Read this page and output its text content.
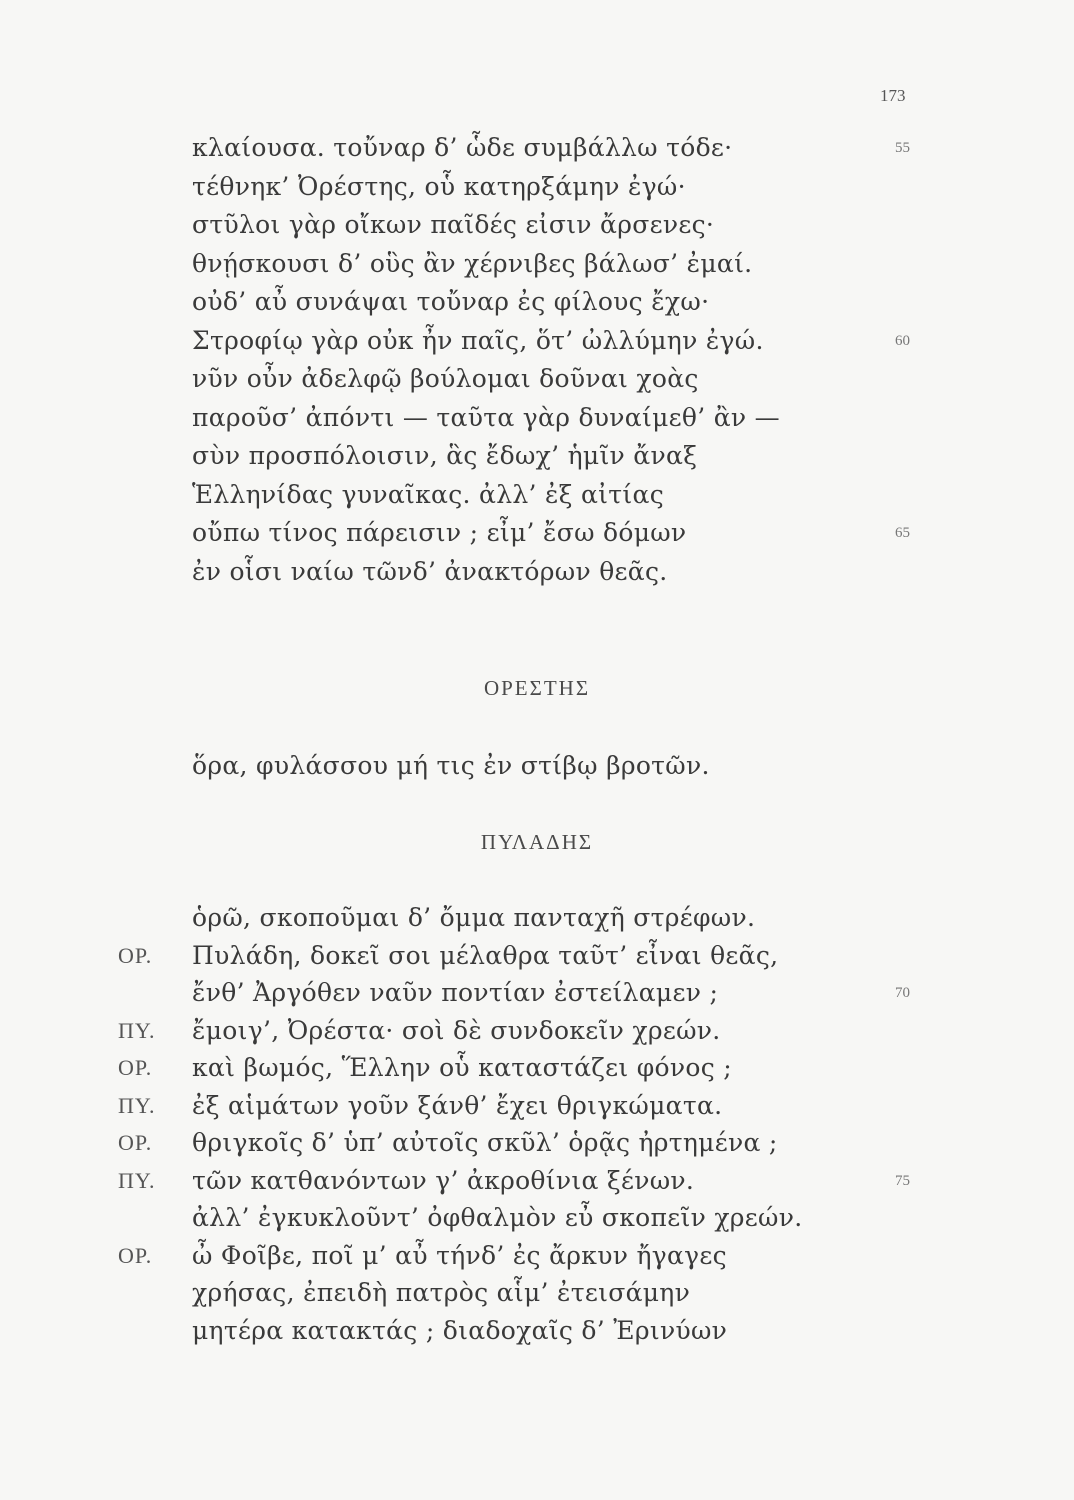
173
κλαίουσα. τοὔναρ δ’ ὧδε συμβάλλω τόδε·	55
τέθνηκ’ Ὀρέστης, οὗ κατηρξάμην ἐγώ·
στῦλοι γὰρ οἴκων παῖδές εἰσιν ἄρσενες·
θνῄσκουσι δ’ οὓς ἂν χέρνιβες βάλωσ’ ἐμαί.
οὐδ’ αὖ συνάψαι τοὔναρ ἐς φίλους ἔχω·
Στροφίῳ γὰρ οὐκ ἦν παῖς, ὅτ’ ὠλλύμην ἐγώ.	60
νῦν οὖν ἀδελφῷ βούλομαι δοῦναι χοὰς
παροῦσ’ ἀπόντι — ταῦτα γὰρ δυναίμεθ’ ἂν —
σὺν προσπόλοισιν, ἃς ἔδωχ’ ἡμῖν ἄναξ
Ἑλληνίδας γυναῖκας. ἀλλ’ ἐξ αἰτίας
οὔπω τίνος πάρεισιν ; εἶμ’ ἔσω δόμων	65
ἐν οἷσι ναίω τῶνδ’ ἀνακτόρων θεᾶς.
ΟΡΕΣΤΗΣ
ὅρα, φυλάσσου μή τις ἐν στίβῳ βροτῶν.
ΠΥΛΑΔΗΣ
ὁρῶ, σκοποῦμαι δ’ ὄμμα πανταχῆ στρέφων.
ΟΡ.	Πυλάδη, δοκεῖ σοι μέλαθρα ταῦτ’ εἶναι θεᾶς,
ἔνθ’ Ἀργόθεν ναῦν ποντίαν ἐστείλαμεν ;	70
ΠΥ.	ἔμοιγ’, Ὀρέστα· σοὶ δὲ συνδοκεῖν χρεών.
ΟΡ.	καὶ βωμός, Ἕλλην οὗ καταστάζει φόνος ;
ΠΥ.	ἐξ αἱμάτων γοῦν ξάνθ’ ἔχει θριγκώματα.
ΟΡ.	θριγκοῖς δ’ ὑπ’ αὐτοῖς σκῦλ’ ὁρᾷς ἠρτημένα ;
ΠΥ.	τῶν κατθανόντων γ’ ἀκροθίνια ξένων.	75
ἀλλ’ ἐγκυκλοῦντ’ ὀφθαλμὸν εὖ σκοπεῖν χρεών.
ΟΡ.	ὦ Φοῖβε, ποῖ μ’ αὖ τήνδ’ ἐς ἄρκυν ἤγαγες
χρήσας, ἐπειδὴ πατρὸς αἷμ’ ἐτεισάμην
μητέρα κατακτάς ; διαδοχαῖς δ’ Ἐρινύων
